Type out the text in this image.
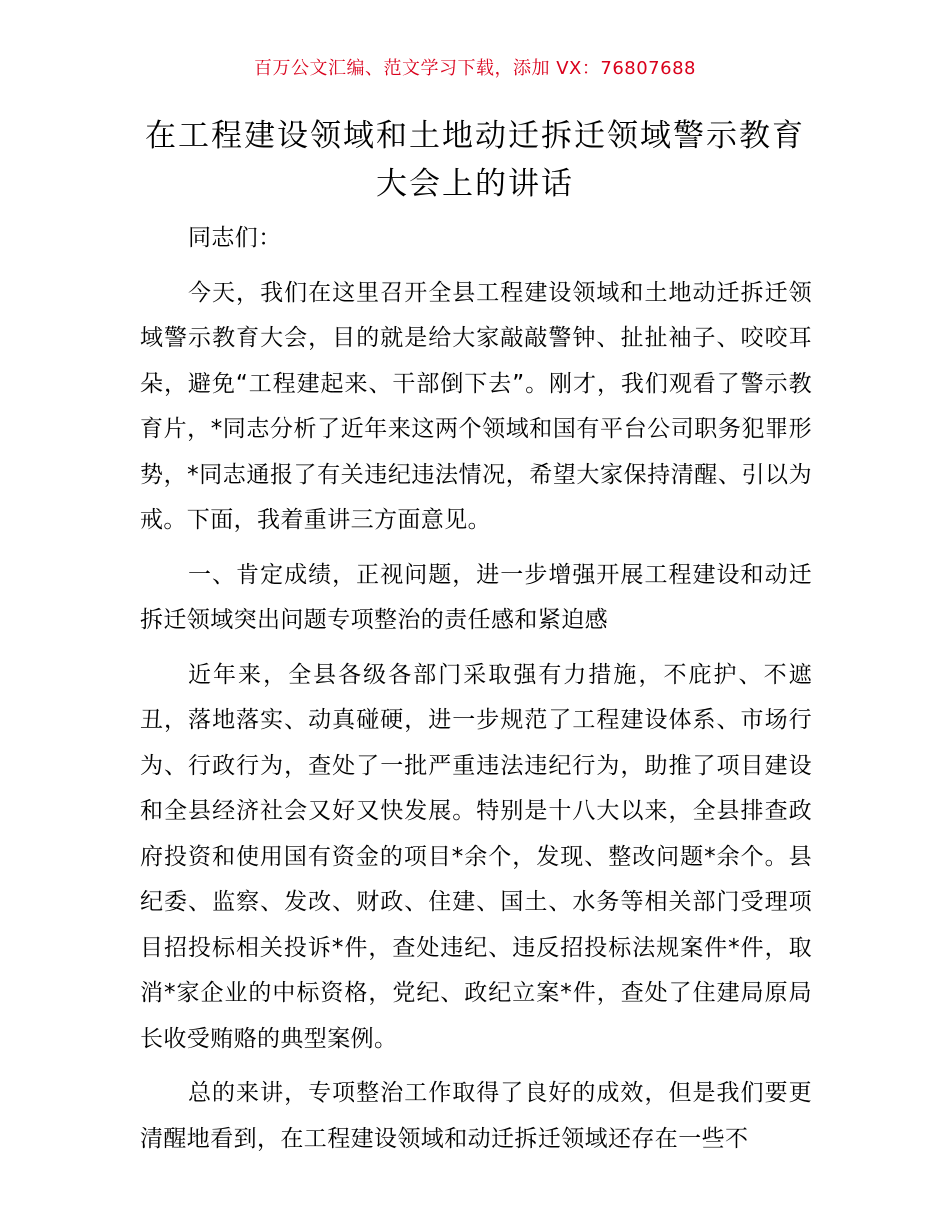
百万公文汇编、范文学习下载，添加 VX：76807688
在工程建设领域和土地动迁拆迁领域警示教育
大会上的讲话

同志们：

今天，我们在这里召开全县工程建设领域和土地动迁拆迁领域警示教育大会，目的就是给大家敲敲警钟、扯扯袖子、咬咬耳朵，避免“工程建起来、干部倒下去”。刚才，我们观看了警示教育片，*同志分析了近年来这两个领域和国有平台公司职务犯罪形势，*同志通报了有关违纪违法情况，希望大家保持清醒、引以为戒。下面，我着重讲三方面意见。

一、肯定成绩，正视问题，进一步增强开展工程建设和动迁拆迁领域突出问题专项整治的责任感和紧迫感

近年来，全县各级各部门采取强有力措施，不庇护、不遮丑，落地落实、动真碰硬，进一步规范了工程建设体系、市场行为、行政行为，查处了一批严重违法违纪行为，助推了项目建设和全县经济社会又好又快发展。特别是十八大以来，全县排查政府投资和使用国有资金的项目*余个，发现、整改问题*余个。县纪委、监察、发改、财政、住建、国土、水务等相关部门受理项目招投标相关投诉*件，查处违纪、违反招投标法规案件*件，取消*家企业的中标资格，党纪、政纪立案*件，查处了住建局原局长收受贿赂的典型案例。

总的来讲，专项整治工作取得了良好的成效，但是我们要更清醒地看到，在工程建设领域和动迁拆迁领域还存在一些不
